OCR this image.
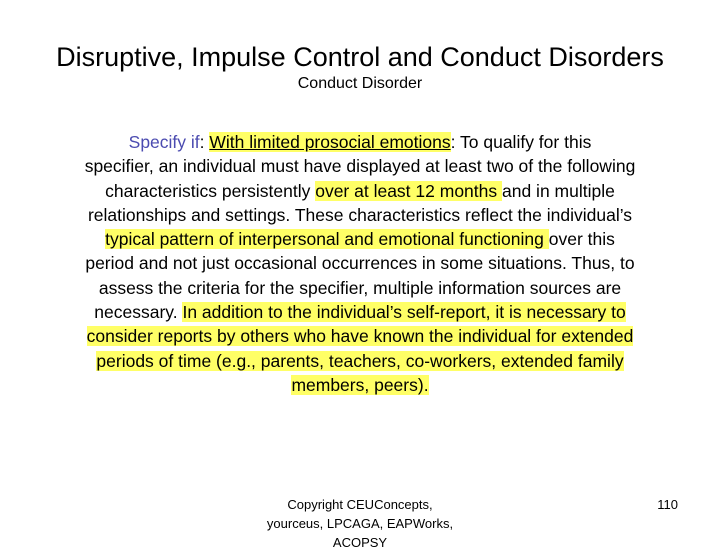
Disruptive, Impulse Control and Conduct Disorders
Conduct Disorder
Specify if: With limited prosocial emotions: To qualify for this
specifier, an individual must have displayed at least two of the following
characteristics persistently over at least 12 months and in multiple
relationships and settings. These characteristics reflect the individual’s
typical pattern of interpersonal and emotional functioning over this
period and not just occasional occurrences in some situations. Thus, to
assess the criteria for the specifier, multiple information sources are
necessary. In addition to the individual’s self-report, it is necessary to
consider reports by others who have known the individual for extended
periods of time (e.g., parents, teachers, co-workers, extended family
members, peers).
Copyright CEUConcepts,
yourceus, LPCAGA, EAPWorks,
ACOPSY
110
